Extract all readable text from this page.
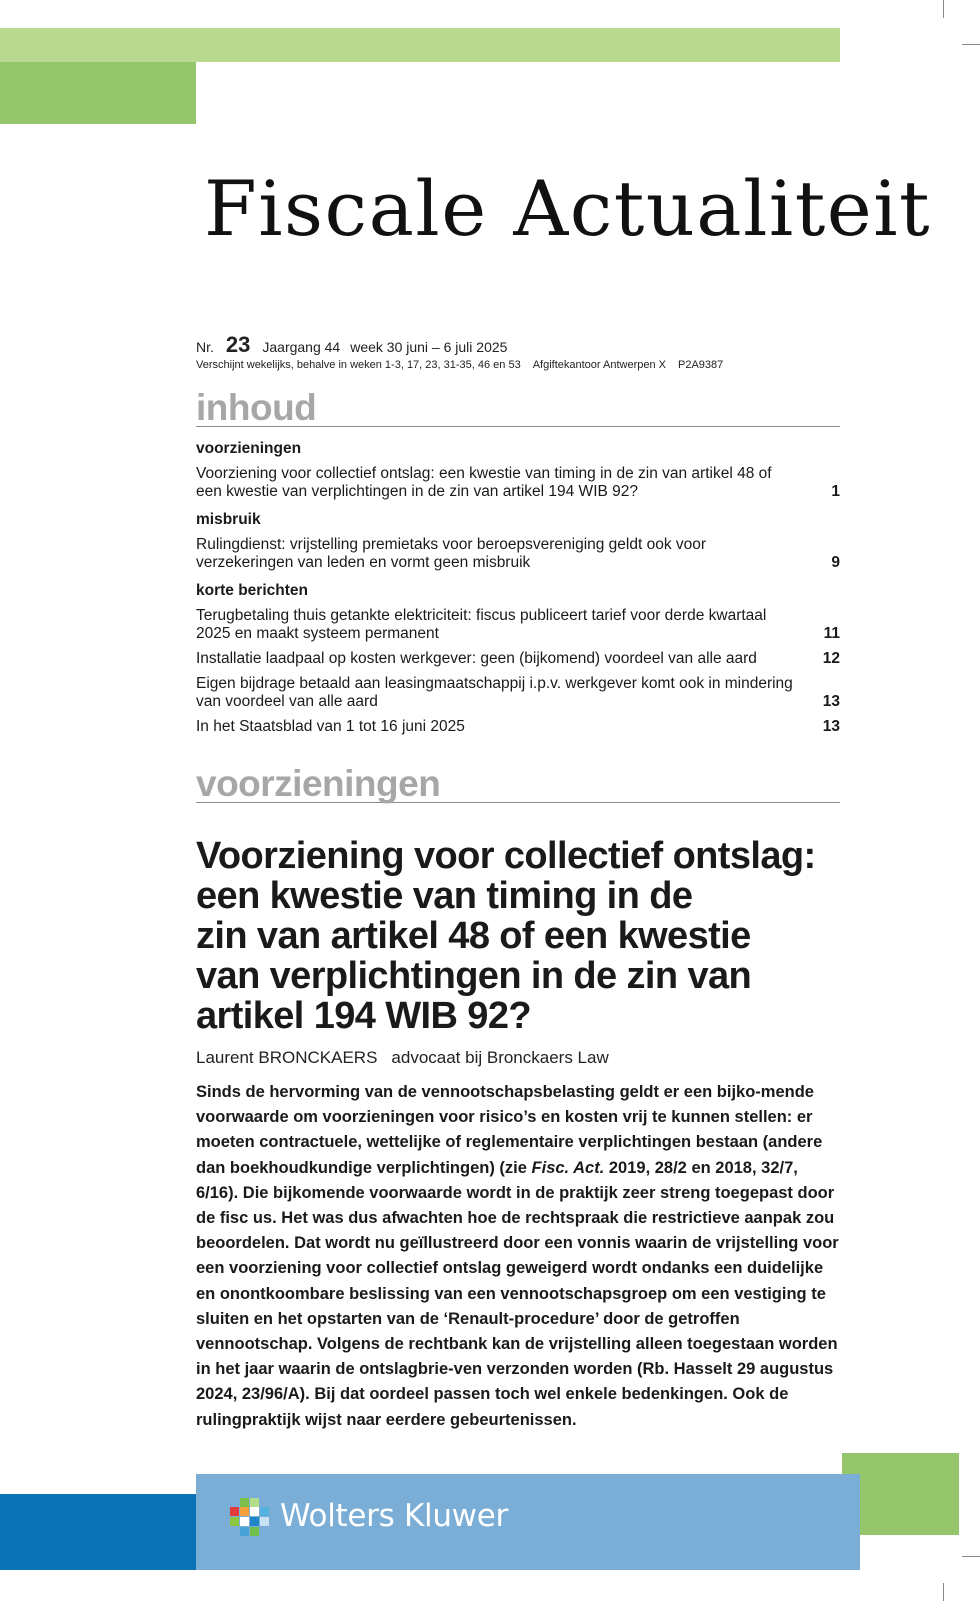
Fiscale Actualiteit
Nr. 23 Jaargang 44 week 30 juni – 6 juli 2025
Verschijnt wekelijks, behalve in weken 1-3, 17, 23, 31-35, 46 en 53 Afgiftekantoor Antwerpen X P2A9387
inhoud
voorzieningen
Voorziening voor collectief ontslag: een kwestie van timing in de zin van artikel 48 of een kwestie van verplichtingen in de zin van artikel 194 WIB 92?	1
misbruik
Rulingdienst: vrijstelling premietaks voor beroepsvereniging geldt ook voor verzekeringen van leden en vormt geen misbruik	9
korte berichten
Terugbetaling thuis getankte elektriciteit: fiscus publiceert tarief voor derde kwartaal 2025 en maakt systeem permanent	11
Installatie laadpaal op kosten werkgever: geen (bijkomend) voordeel van alle aard	12
Eigen bijdrage betaald aan leasingmaatschappij i.p.v. werkgever komt ook in mindering van voordeel van alle aard	13
In het Staatsblad van 1 tot 16 juni 2025	13
voorzieningen
Voorziening voor collectief ontslag:
een kwestie van timing in de
zin van artikel 48 of een kwestie
van verplichtingen in de zin van
artikel 194 WIB 92?
Laurent BRONCKAERS advocaat bij Bronckaers Law
Sinds de hervorming van de vennootschapsbelasting geldt er een bijko-mende voorwaarde om voorzieningen voor risico’s en kosten vrij te kunnen stellen: er moeten contractuele, wettelijke of reglementaire verplichtingen bestaan (andere dan boekhoudkundige verplichtingen) (zie Fisc. Act. 2019, 28/2 en 2018, 32/7, 6/16). Die bijkomende voorwaarde wordt in de praktijk zeer streng toegepast door de fisc us. Het was dus afwachten hoe de rechtspraak die restrictieve aanpak zou beoordelen. Dat wordt nu geïllustreerd door een vonnis waarin de vrijstelling voor een voorziening voor collectief ontslag geweigerd wordt ondanks een duidelijke en onontkoombare beslissing van een vennootschapsgroep om een vestiging te sluiten en het opstarten van de ‘Renault-procedure’ door de getroffen vennootschap. Volgens de rechtbank kan de vrijstelling alleen toegestaan worden in het jaar waarin de ontslagbrie-ven verzonden worden (Rb. Hasselt 29 augustus 2024, 23/96/A). Bij dat oordeel passen toch wel enkele bedenkingen. Ook de rulingpraktijk wijst naar eerdere gebeurtenissen.
Wolters Kluwer
